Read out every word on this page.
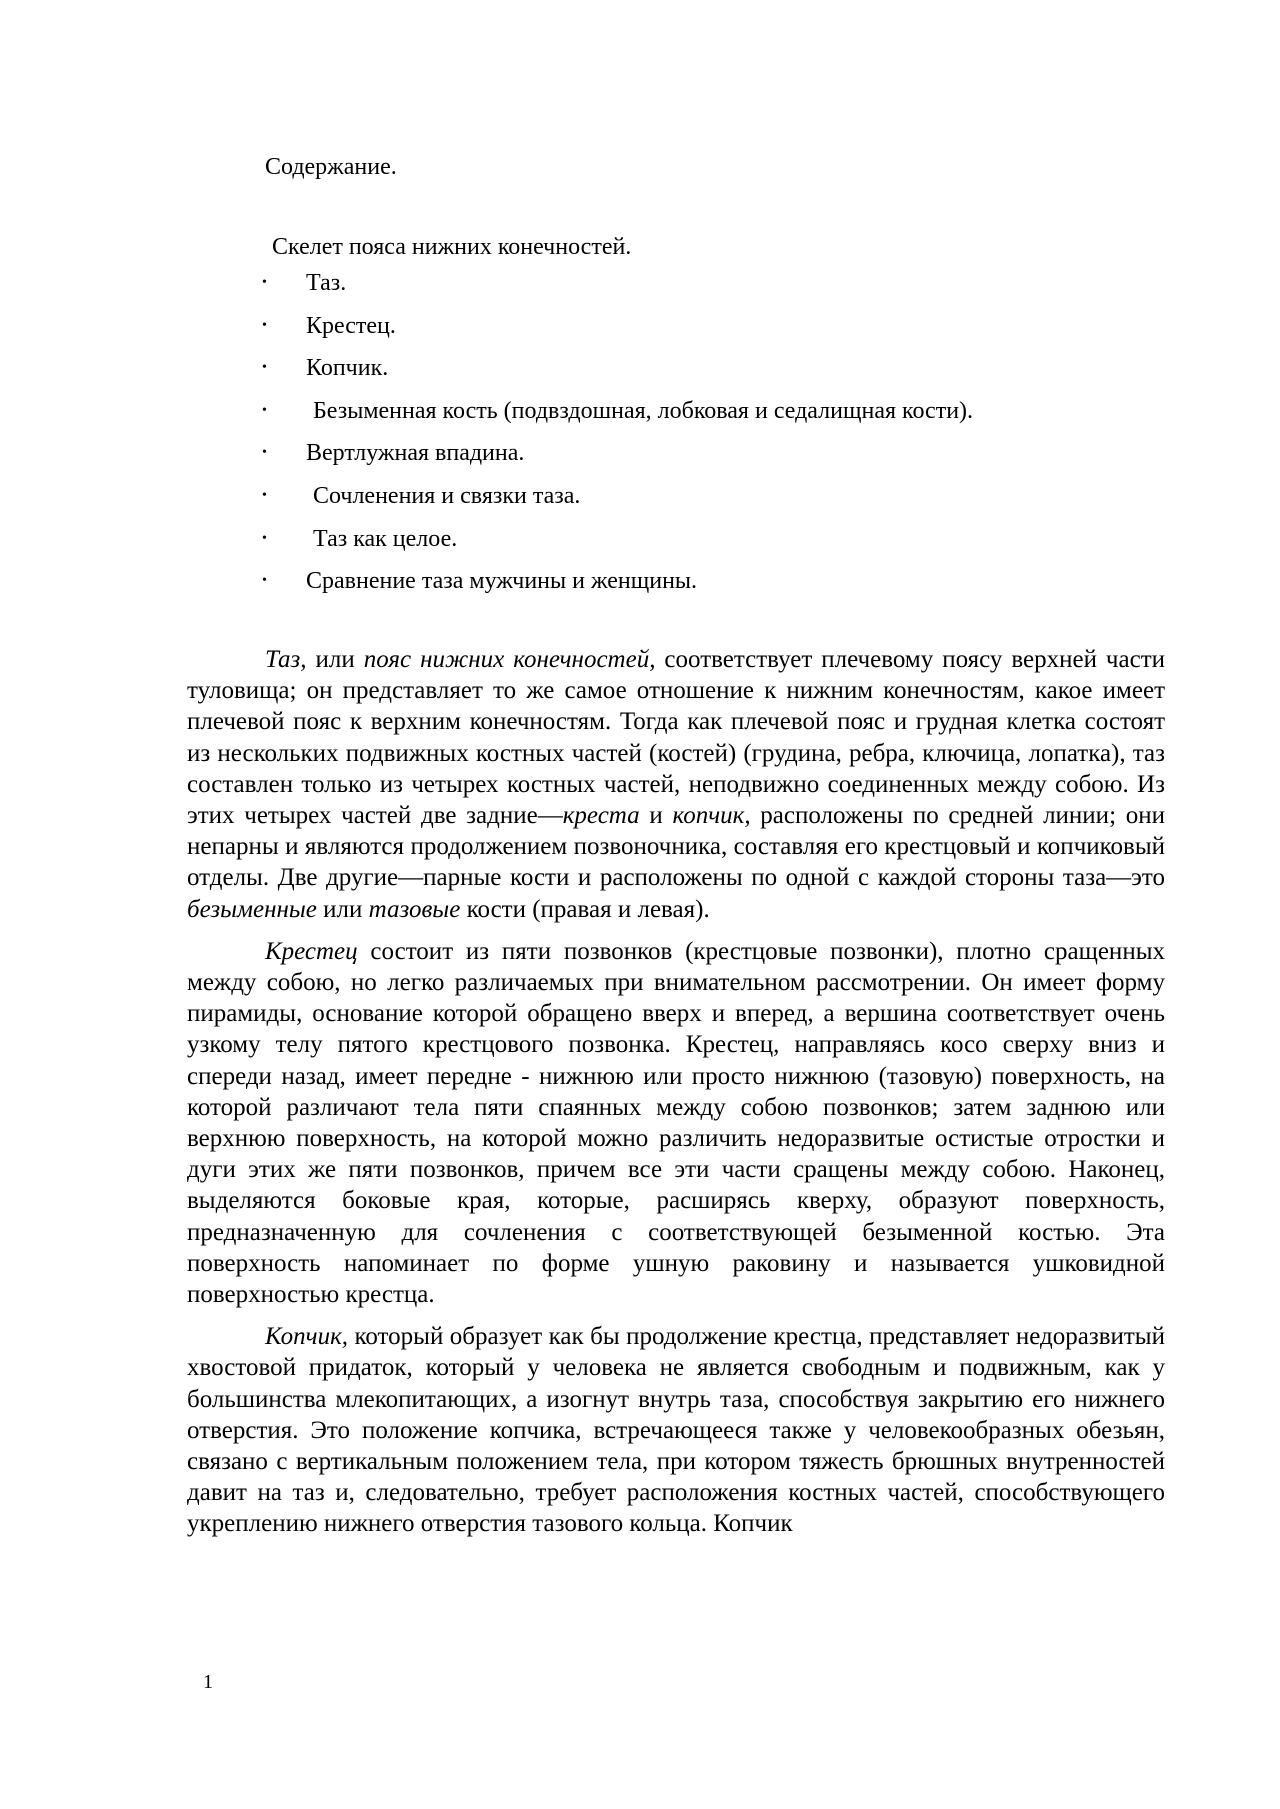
Содержание.
Скелет пояса нижних конечностей.
• Таз.
• Крестец.
• Копчик.
• Безыменная кость (подвздошная, лобковая и седалищная кости).
• Вертлужная впадина.
• Сочленения и связки таза.
• Таз как целое.
• Сравнение таза мужчины и женщины.

Таз, или пояс нижних конечностей, соответствует плечевому поясу верхней части туловища; он представляет то же самое отношение к нижним конечностям, какое имеет плечевой пояс к верхним конечностям. Тогда как плечевой пояс и грудная клетка состоят из нескольких подвижных костных частей (костей) (грудина, ребра, ключица, лопатка), таз составлен только из четырех костных частей, неподвижно соединенных между собою. Из этих четырех частей две задние—креста и копчик, расположены по средней линии; они непарны и являются продолжением позвоночника, составляя его крестцовый и копчиковый отделы. Две другие—парные кости и расположены по одной с каждой стороны таза—это безыменные или тазовые кости (правая и левая).

Крестец состоит из пяти позвонков (крестцовые позвонки), плотно сращенных между собою, но легко различаемых при внимательном рассмотрении. Он имеет форму пирамиды, основание которой обращено вверх и вперед, а вершина соответствует очень узкому телу пятого крестцового позвонка. Крестец, направляясь косо сверху вниз и спереди назад, имеет передне - нижнюю или просто нижнюю (тазовую) поверхность, на которой различают тела пяти спаянных между собою позвонков; затем заднюю или верхнюю поверхность, на которой можно различить недоразвитые остистые отростки и дуги этих же пяти позвонков, причем все эти части сращены между собою. Наконец, выделяются боковые края, которые, расширясь кверху, образуют поверхность, предназначенную для сочленения с соответствующей безыменной костью. Эта поверхность напоминает по форме ушную раковину и называется ушковидной поверхностью крестца.

Копчик, который образует как бы продолжение крестца, представляет недоразвитый хвостовой придаток, который у человека не является свободным и подвижным, как у большинства млекопитающих, а изогнут внутрь таза, способствуя закрытию его нижнего отверстия. Это положение копчика, встречающееся также у человекообразных обезьян, связано с вертикальным положением тела, при котором тяжесть брюшных внутренностей давит на таз и, следовательно, требует расположения костных частей, способствующего укреплению нижнего отверстия тазового кольца. Копчик

1
